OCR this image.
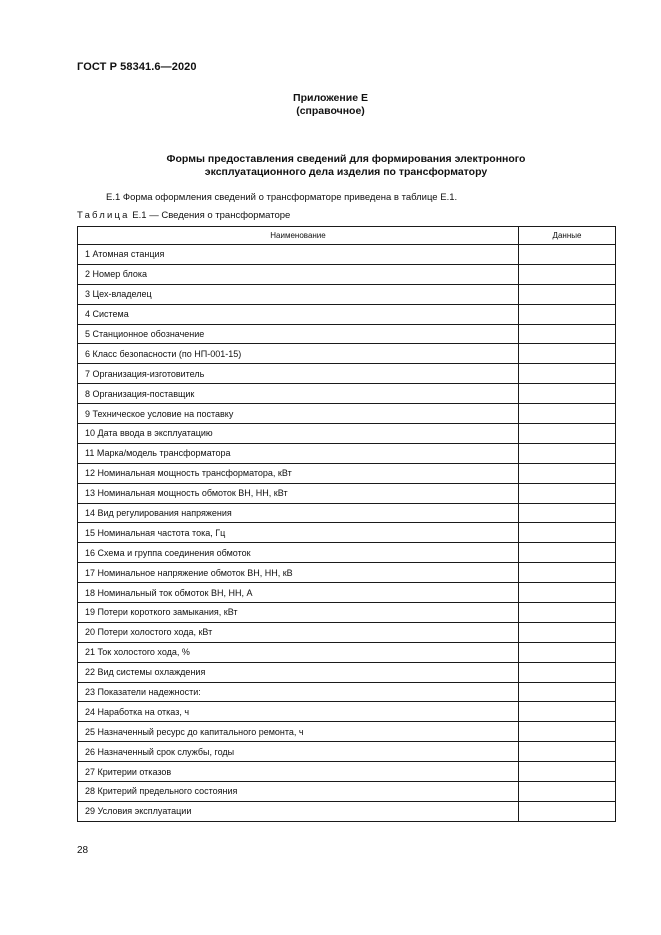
ГОСТ Р 58341.6—2020
Приложение Е
(справочное)
Формы предоставления сведений для формирования электронного
эксплуатационного дела изделия по трансформатору
Е.1 Форма оформления сведений о трансформаторе приведена в таблице Е.1.
Таблица Е.1 — Сведения о трансформаторе
Наименование	Данные
1 Атомная станция	
2 Номер блока	
3 Цех-владелец	
4 Система	
5 Станционное обозначение	
6 Класс безопасности (по НП-001-15)	
7 Организация-изготовитель	
8 Организация-поставщик	
9 Техническое условие на поставку	
10 Дата ввода в эксплуатацию	
11 Марка/модель трансформатора	
12 Номинальная мощность трансформатора, кВт	
13 Номинальная мощность обмоток ВН, НН, кВт	
14 Вид регулирования напряжения	
15 Номинальная частота тока, Гц	
16 Схема и группа соединения обмоток	
17 Номинальное напряжение обмоток ВН, НН, кВ	
18 Номинальный ток обмоток ВН, НН, А	
19 Потери короткого замыкания, кВт	
20 Потери холостого хода, кВт	
21 Ток холостого хода, %	
22 Вид системы охлаждения	
23 Показатели надежности:	
24 Наработка на отказ, ч	
25 Назначенный ресурс до капитального ремонта, ч	
26 Назначенный срок службы, годы	
27 Критерии отказов	
28 Критерий предельного состояния	
29 Условия эксплуатации	
28
